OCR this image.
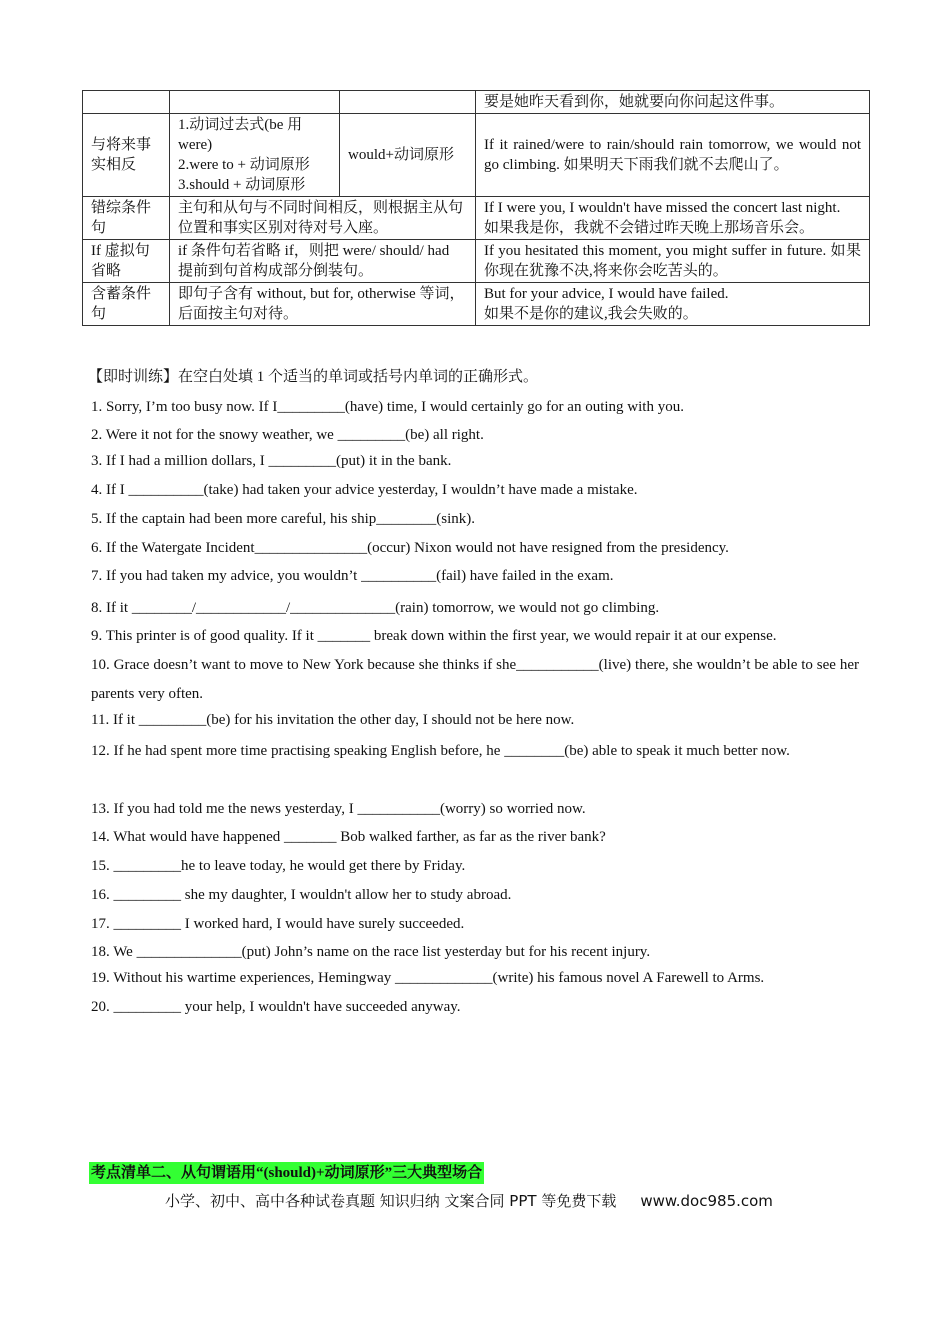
			要是她昨天看到你，她就要向你问起这件事。

与将来事实相反	1.动词过去式(be 用 were)
2.were to + 动词原形
3.should + 动词原形	would+动词原形	If it rained/were to rain/should rain tomorrow, we would not go climbing. 如果明天下雨我们就不去爬山了。

错综条件句	主句和从句与不同时间相反，则根据主从句位置和事实区别对待对号入座。		If I were you, I wouldn't have missed the concert last night.
如果我是你，我就不会错过昨天晚上那场音乐会。

If 虚拟句省略	if 条件句若省略 if，则把 were/ should/ had 提前到句首构成部分倒装句。		If you hesitated this moment, you might suffer in future. 如果你现在犹豫不决,将来你会吃苦头的。

含蓄条件句	即句子含有 without, but for, otherwise 等词，后面按主句对待。		But for your advice, I would have failed.
如果不是你的建议,我会失败的。
【即时训练】在空白处填 1 个适当的单词或括号内单词的正确形式。
1. Sorry, I’m too busy now. If I_________(have) time, I would certainly go for an outing with you.
2. Were it not for the snowy weather, we _________(be) all right.
3. If I had a million dollars, I _________(put) it in the bank.
4. If I __________(take) had taken your advice yesterday, I wouldn’t have made a mistake.
5. If the captain had been more careful, his ship________(sink).
6. If the Watergate Incident_______________(occur) Nixon would not have resigned from the presidency.
7. If you had taken my advice, you wouldn’t __________(fail) have failed in the exam.
8. If it ________/____________/______________(rain) tomorrow, we would not go climbing.
9. This printer is of good quality. If it _______ break down within the first year, we would repair it at our expense.
10. Grace doesn’t want to move to New York because she thinks if she___________(live) there, she wouldn’t be able to see her parents very often.
11. If it _________(be) for his invitation the other day, I should not be here now.
12. If he had spent more time practising speaking English before, he ________(be) able to speak it much better now.
13. If you had told me the news yesterday, I ___________(worry) so worried now.
14. What would have happened _______ Bob walked farther, as far as the river bank?
15. _________he to leave today, he would get there by Friday.
16. _________ she my daughter, I wouldn't allow her to study abroad.
17. _________ I worked hard, I would have surely succeeded.
18. We ______________(put) John’s name on the race list yesterday but for his recent injury.
19. Without his wartime experiences, Hemingway _____________(write) his famous novel A Farewell to Arms.
20. _________ your help, I wouldn't have succeeded anyway.
考点清单二、从句谓语用“(should)+动词原形”三大典型场合
小学、初中、高中各种试卷真题 知识归纳 文案合同 PPT 等免费下载 www.doc985.com
